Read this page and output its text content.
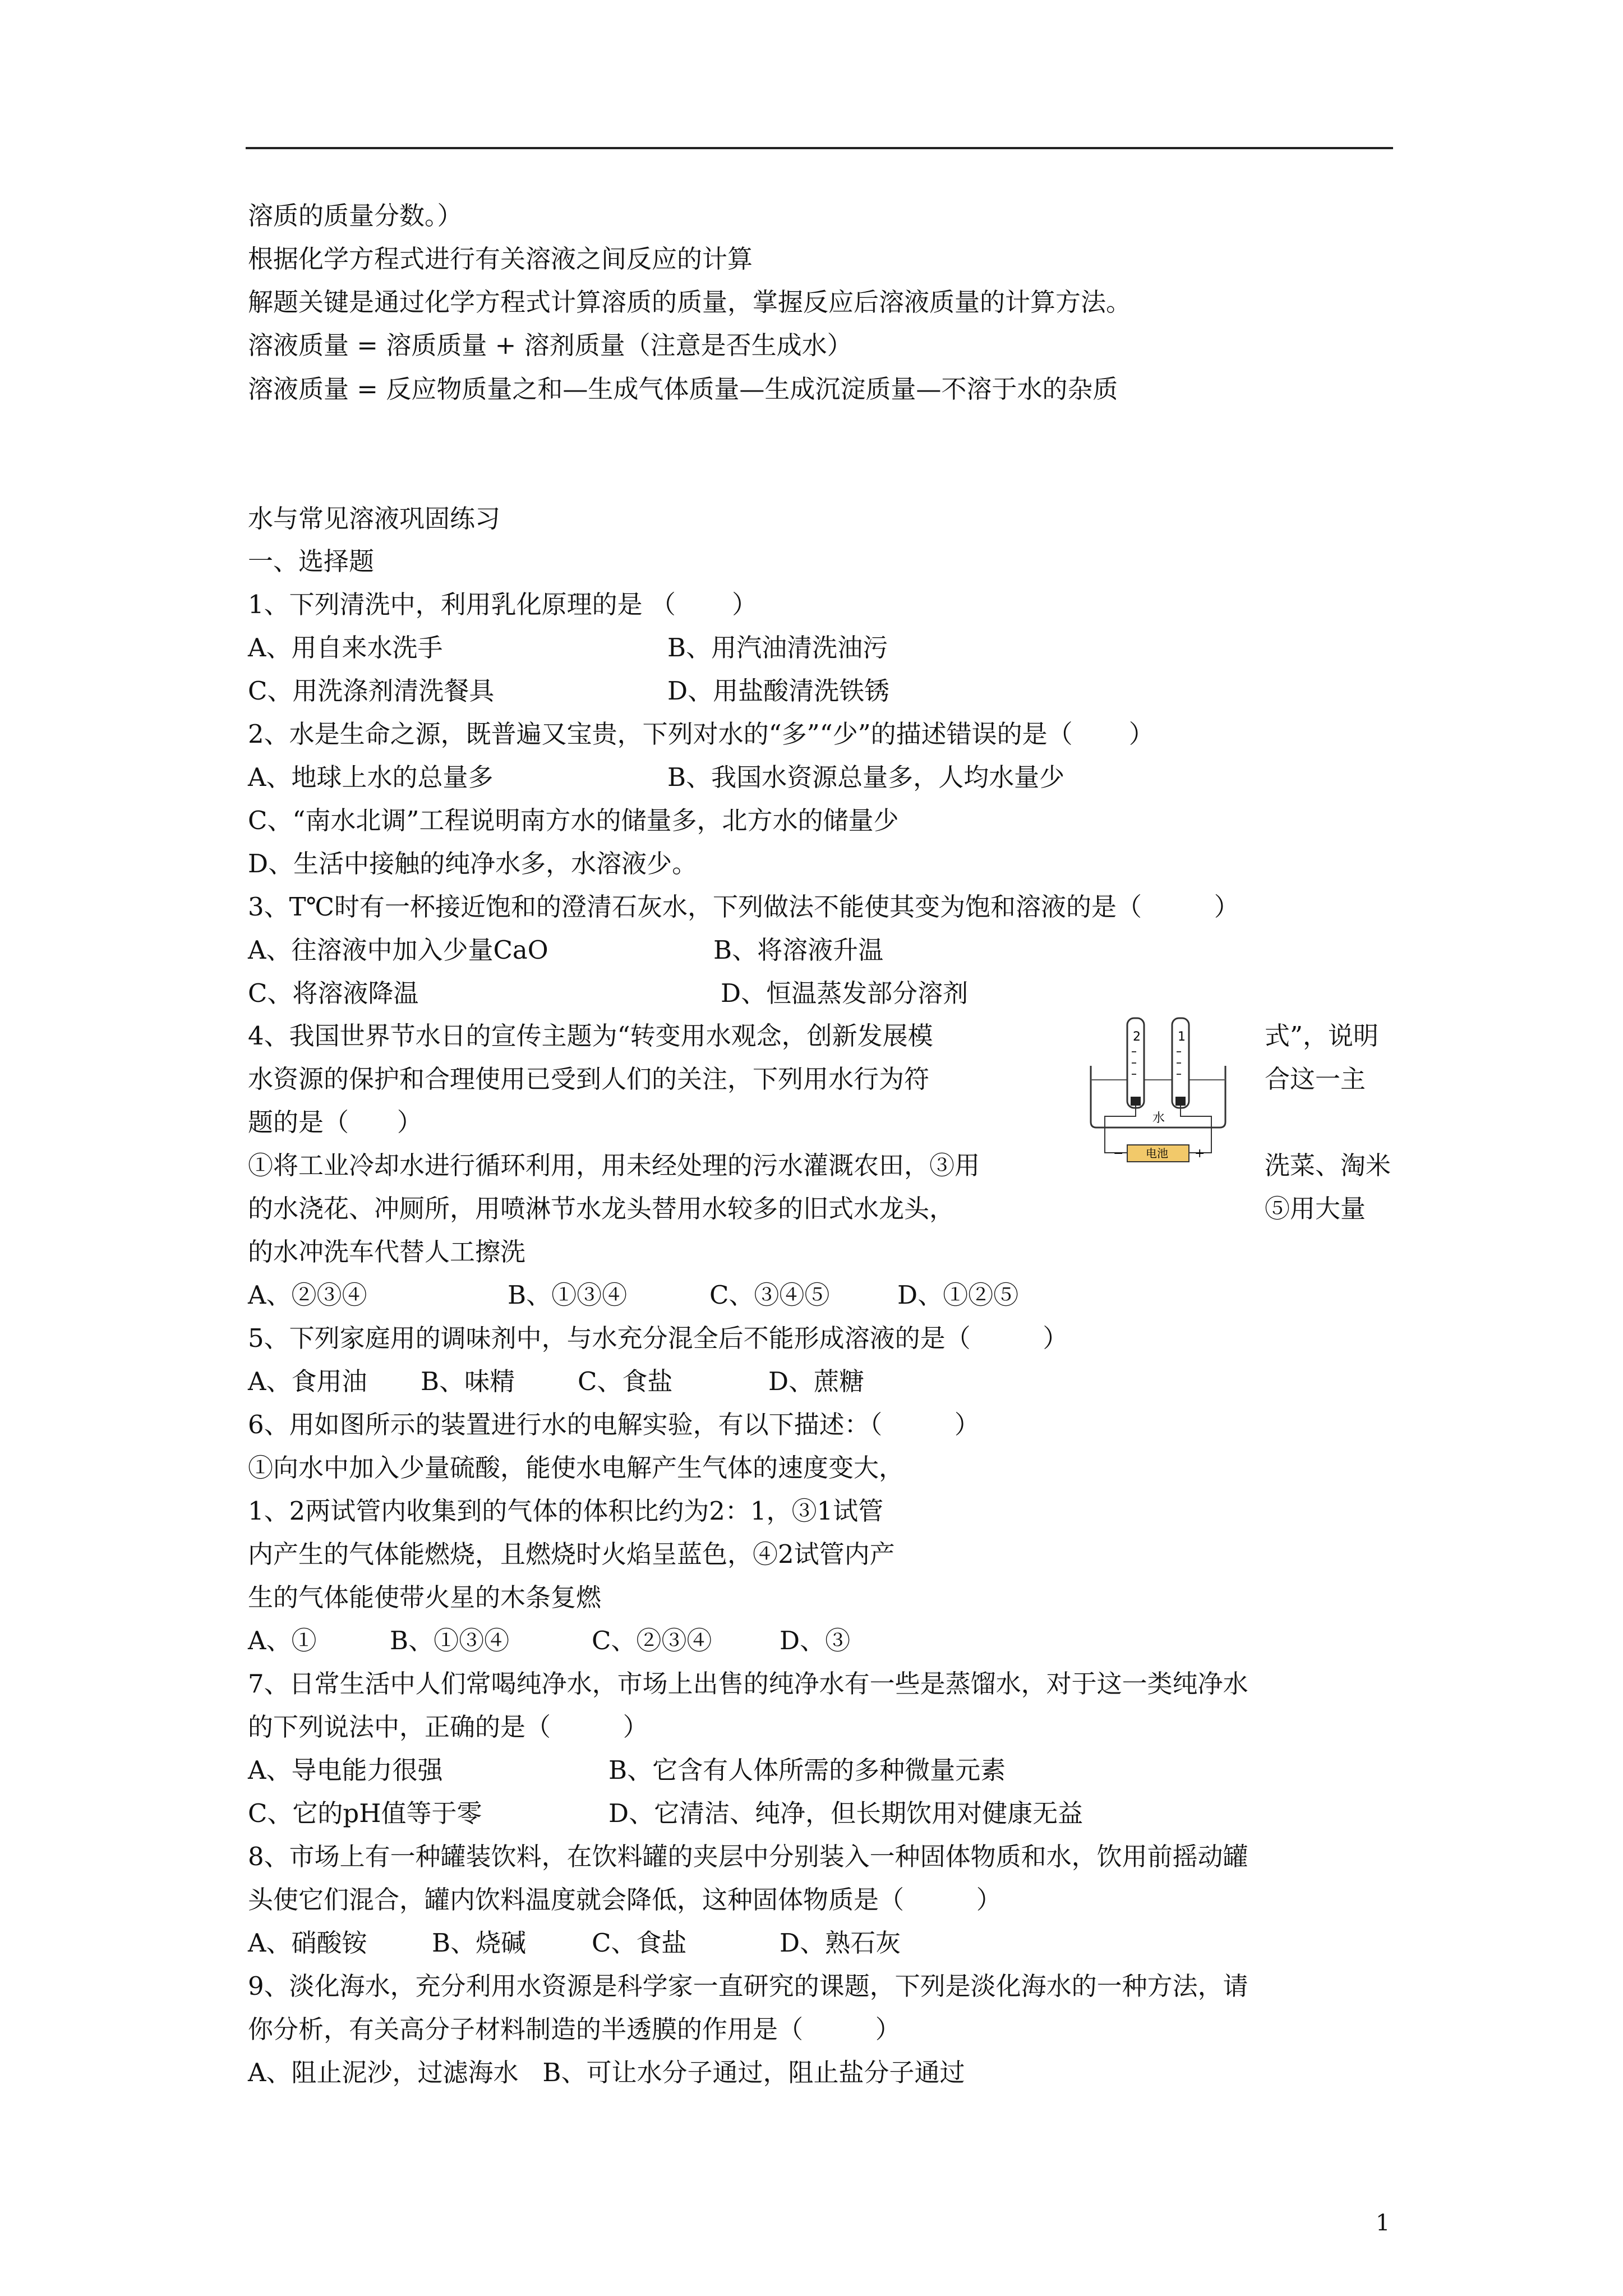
溶质的质量分数。）
根据化学方程式进行有关溶液之间反应的计算
解题关键是通过化学方程式计算溶质的质量，掌握反应后溶液质量的计算方法。
溶液质量 = 溶质质量 + 溶剂质量（注意是否生成水）
溶液质量 = 反应物质量之和—生成气体质量—生成沉淀质量—不溶于水的杂质
水与常见溶液巩固练习
一、选择题
1、下列清洗中，利用乳化原理的是 （       ）
A、用自来水洗手	B、用汽油清洗油污
C、用洗涤剂清洗餐具	D、用盐酸清洗铁锈
2、水是生命之源，既普遍又宝贵，下列对水的“多”“少”的描述错误的是（       ）
A、地球上水的总量多	B、我国水资源总量多，人均水量少
C、“南水北调”工程说明南方水的储量多，北方水的储量少
D、生活中接触的纯净水多，水溶液少。
3、T℃时有一杯接近饱和的澄清石灰水，下列做法不能使其变为饱和溶液的是（         ）
A、往溶液中加入少量CaO	B、将溶液升温
C、将溶液降温	D、恒温蒸发部分溶剂
4、我国世界节水日的宣传主题为“转变用水观念，创新发展模	式”，说明
水资源的保护和合理使用已受到人们的关注，下列用水行为符	合这一主
题的是（      ）
①将工业冷却水进行循环利用，用未经处理的污水灌溉农田，③用	洗菜、淘米
的水浇花、冲厕所，用喷淋节水龙头替用水较多的旧式水龙头，	⑤用大量
的水冲洗车代替人工擦洗
A、②③④	B、①③④	C、③④⑤	D、①②⑤
2	1
水
电池
−	+
5、下列家庭用的调味剂中，与水充分混全后不能形成溶液的是（         ）
A、食用油 B、味精 C、食盐	D、蔗糖
6、用如图所示的装置进行水的电解实验，有以下描述：（         ）
①向水中加入少量硫酸，能使水电解产生气体的速度变大，
1、2两试管内收集到的气体的体积比约为2：1，③1试管
内产生的气体能燃烧，且燃烧时火焰呈蓝色，④2试管内产
生的气体能使带火星的木条复燃
A、①	B、①③④	C、②③④	D、③
7、日常生活中人们常喝纯净水，市场上出售的纯净水有一些是蒸馏水，对于这一类纯净水
的下列说法中，正确的是（         ）
A、导电能力很强	B、它含有人体所需的多种微量元素
C、它的pH值等于零	D、它清洁、纯净，但长期饮用对健康无益
8、市场上有一种罐装饮料，在饮料罐的夹层中分别装入一种固体物质和水，饮用前摇动罐
头使它们混合，罐内饮料温度就会降低，这种固体物质是（         ）
A、硝酸铵	B、烧碱	C、食盐	D、熟石灰
9、淡化海水，充分利用水资源是科学家一直研究的课题，下列是淡化海水的一种方法，请
你分析，有关高分子材料制造的半透膜的作用是（         ）
A、阻止泥沙，过滤海水   B、可让水分子通过，阻止盐分子通过
1
